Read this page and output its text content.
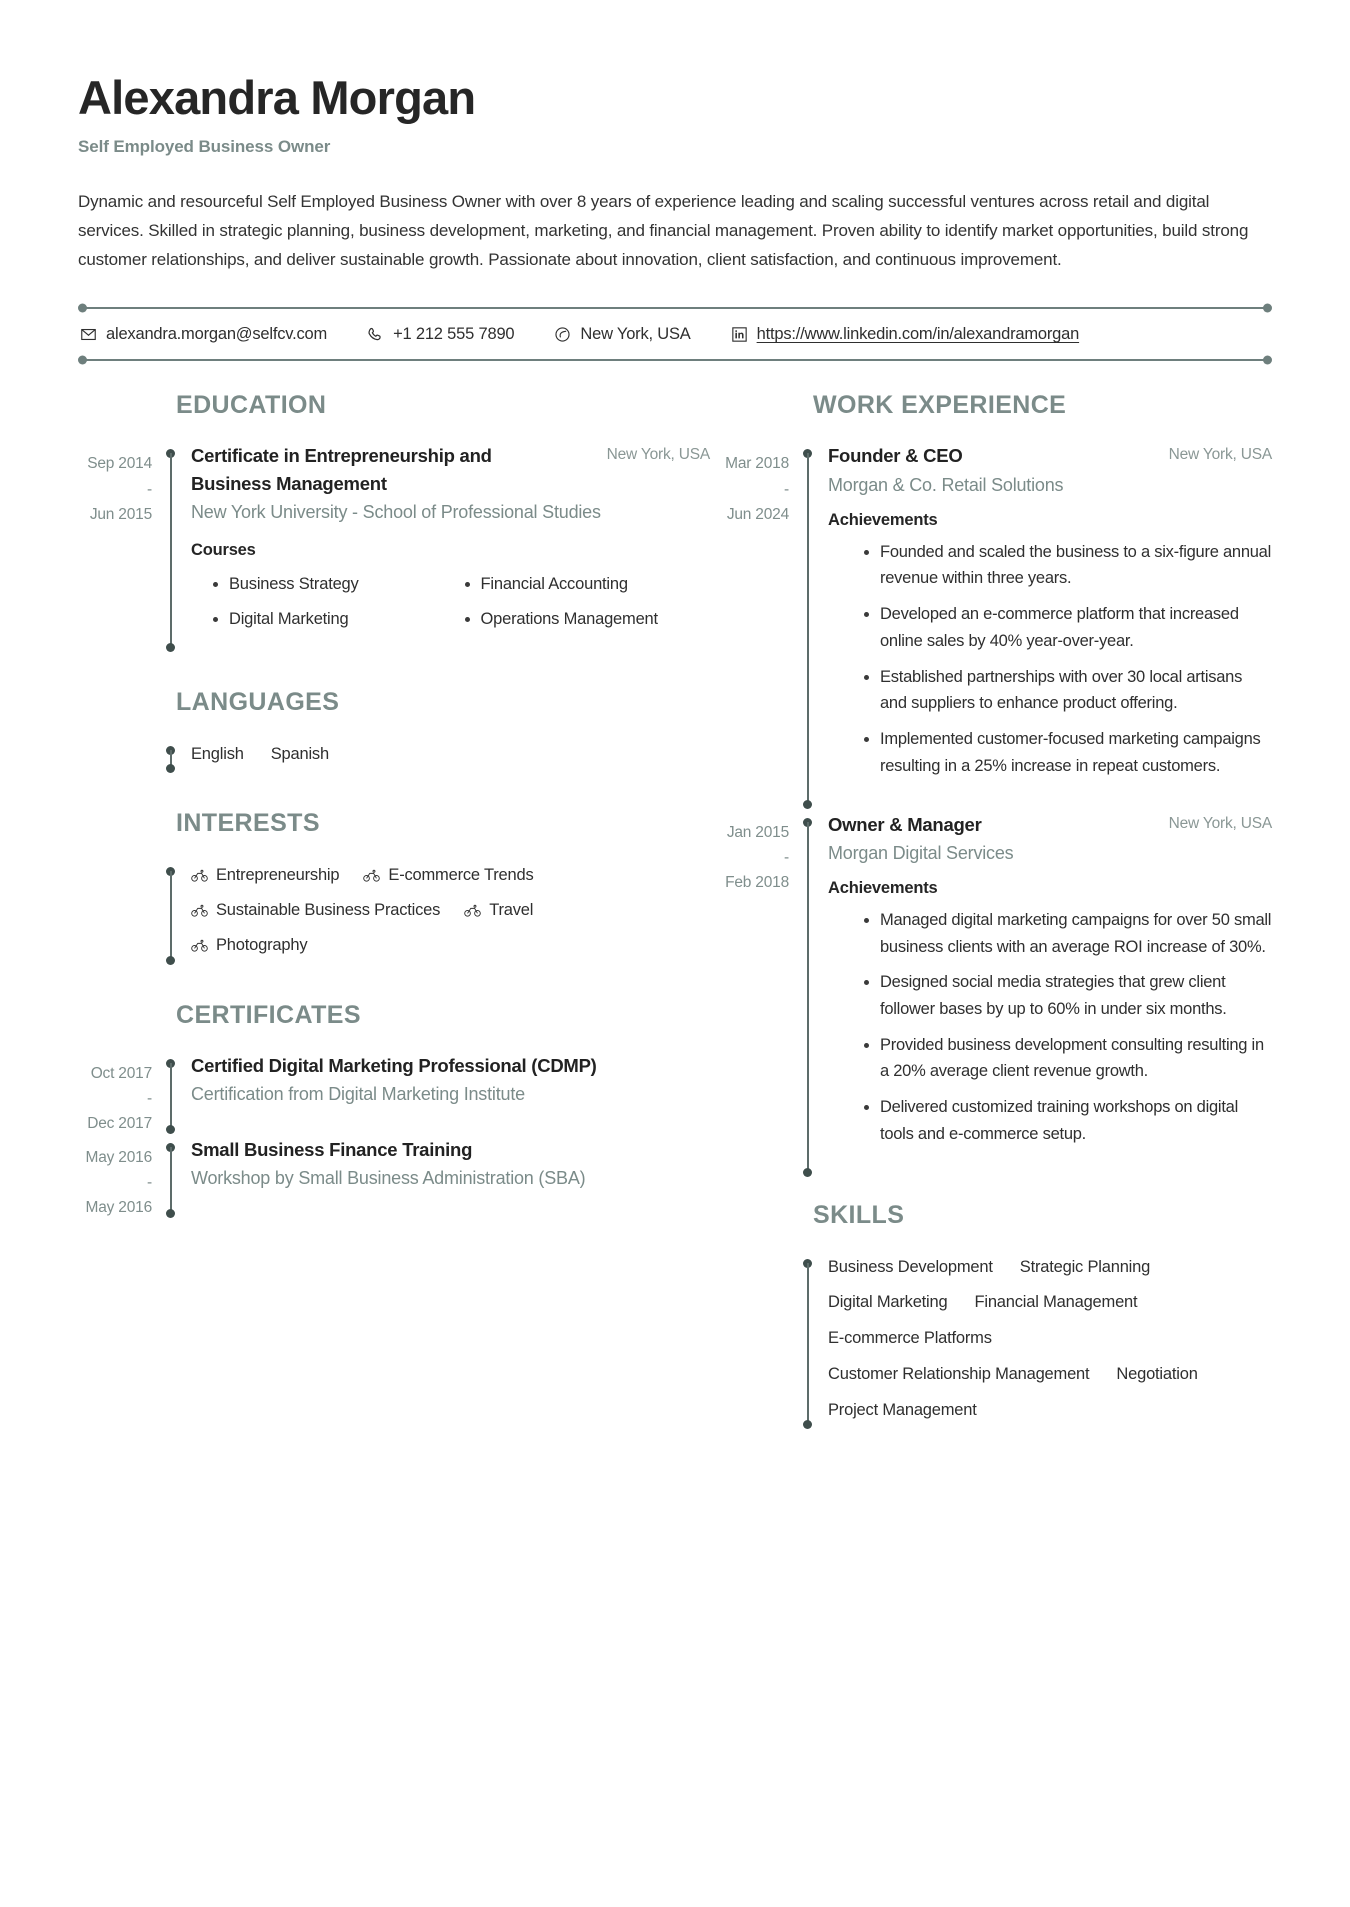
Alexandra Morgan
Self Employed Business Owner

Dynamic and resourceful Self Employed Business Owner with over 8 years of experience leading and scaling successful ventures across retail and digital services. Skilled in strategic planning, business development, marketing, and financial management. Proven ability to identify market opportunities, build strong customer relationships, and deliver sustainable growth. Passionate about innovation, client satisfaction, and continuous improvement.

alexandra.morgan@selfcv.com	+1 212 555 7890	New York, USA	https://www.linkedin.com/in/alexandramorgan
EDUCATION
Sep 2014
-
Jun 2015
Certificate in Entrepreneurship and Business Management
New York, USA
New York University - School of Professional Studies
Courses
• Business Strategy	• Financial Accounting
• Digital Marketing	• Operations Management
LANGUAGES
English Spanish
INTERESTS
Entrepreneurship	E-commerce Trends
Sustainable Business Practices	Travel
Photography
CERTIFICATES
Oct 2017
-
Dec 2017
Certified Digital Marketing Professional (CDMP)
Certification from Digital Marketing Institute
May 2016
-
May 2016
Small Business Finance Training
Workshop by Small Business Administration (SBA)
WORK EXPERIENCE
Mar 2018
-
Jun 2024
Founder & CEO	New York, USA
Morgan & Co. Retail Solutions
Achievements
• Founded and scaled the business to a six-figure annual revenue within three years.
• Developed an e-commerce platform that increased online sales by 40% year-over-year.
• Established partnerships with over 30 local artisans and suppliers to enhance product offering.
• Implemented customer-focused marketing campaigns resulting in a 25% increase in repeat customers.
Jan 2015
-
Feb 2018
Owner & Manager	New York, USA
Morgan Digital Services
Achievements
• Managed digital marketing campaigns for over 50 small business clients with an average ROI increase of 30%.
• Designed social media strategies that grew client follower bases by up to 60% in under six months.
• Provided business development consulting resulting in a 20% average client revenue growth.
• Delivered customized training workshops on digital tools and e-commerce setup.
SKILLS
Business Development Strategic Planning
Digital Marketing Financial Management
E-commerce Platforms
Customer Relationship Management Negotiation
Project Management
